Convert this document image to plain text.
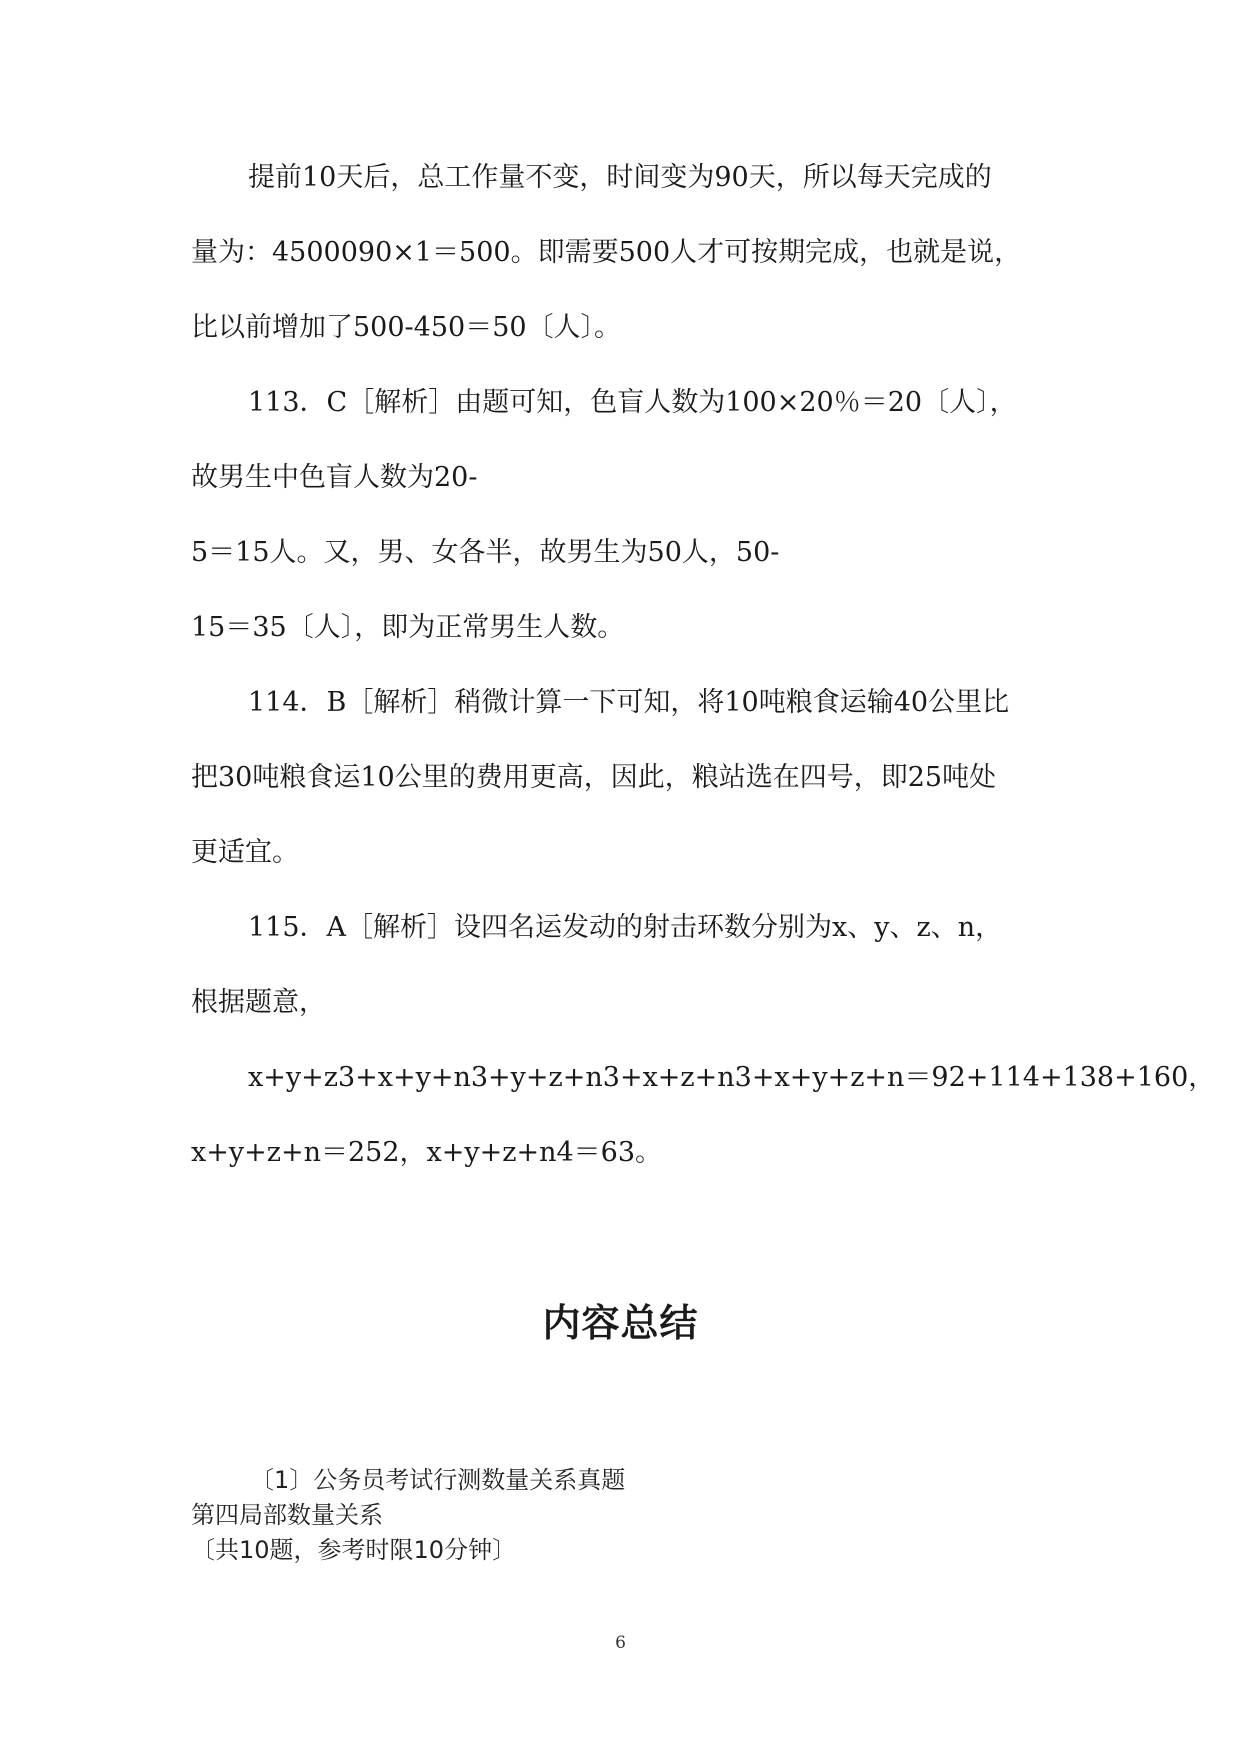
提前10天后，总工作量不变，时间变为90天，所以每天完成的

量为：4500090×1＝500。即需要500人才可按期完成，也就是说，

比以前增加了500-450＝50〔人〕。

113．C［解析］由题可知，色盲人数为100×20％＝20〔人〕，

故男生中色盲人数为20-

5＝15人。又，男、女各半，故男生为50人，50-

15＝35〔人〕，即为正常男生人数。

114．B［解析］稍微计算一下可知，将10吨粮食运输40公里比

把30吨粮食运10公里的费用更高，因此，粮站选在四号，即25吨处

更适宜。

115．A［解析］设四名运发动的射击环数分别为x、y、z、n，

根据题意，

x+y+z3+x+y+n3+y+z+n3+x+z+n3+x+y+z+n＝92+114+138+160，

x+y+z+n＝252，x+y+z+n4＝63。

内容总结
〔1〕公务员考试行测数量关系真题
第四局部数量关系
〔共10题，参考时限10分钟〕
6
